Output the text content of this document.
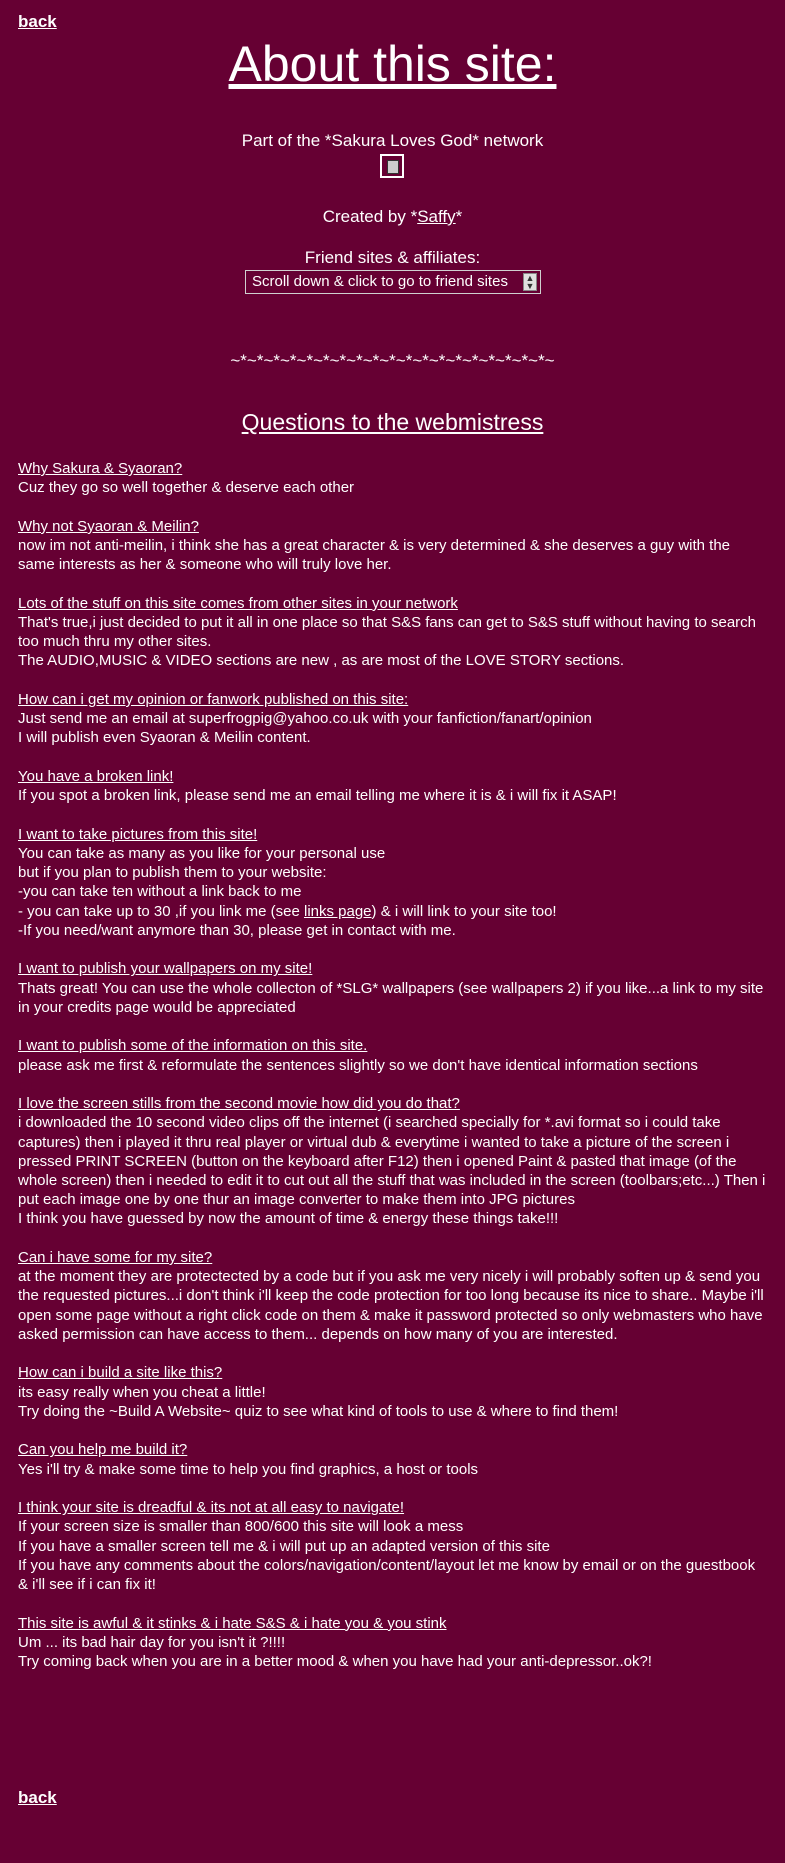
back
About this site:
Part of the *Sakura Loves God* network
Created by *Saffy*
Friend sites & affiliates:
Scroll down & click to go to friend sites ▲
▼
~*~*~*~*~*~*~*~*~*~*~*~*~*~*~*~*~*~*~*~
Questions to the webmistress
Why Sakura & Syaoran?
Cuz they go so well together & deserve each other
Why not Syaoran & Meilin?
now im not anti-meilin, i think she has a great character & is very determined & she deserves a guy with the same interests as her & someone who will truly love her.
Lots of the stuff on this site comes from other sites in your network
That's true,i just decided to put it all in one place so that S&S fans can get to S&S stuff without having to search too much thru my other sites.
The AUDIO,MUSIC & VIDEO sections are new , as are most of the LOVE STORY sections.
How can i get my opinion or fanwork published on this site:
Just send me an email at superfrogpig@yahoo.co.uk with your fanfiction/fanart/opinion
I will publish even Syaoran & Meilin content.
You have a broken link!
If you spot a broken link, please send me an email telling me where it is & i will fix it ASAP!
I want to take pictures from this site!
You can take as many as you like for your personal use
but if you plan to publish them to your website:
-you can take ten without a link back to me
- you can take up to 30 ,if you link me (see links page) & i will link to your site too!
-If you need/want anymore than 30, please get in contact with me.
I want to publish your wallpapers on my site!
Thats great! You can use the whole collecton of *SLG* wallpapers (see wallpapers 2) if you like...a link to my site in your credits page would be appreciated
I want to publish some of the information on this site.
please ask me first & reformulate the sentences slightly so we don't have identical information sections
I love the screen stills from the second movie how did you do that?
i downloaded the 10 second video clips off the internet (i searched specially for *.avi format so i could take captures) then i played it thru real player or virtual dub & everytime i wanted to take a picture of the screen i pressed PRINT SCREEN (button on the keyboard after F12) then i opened Paint & pasted that image (of the whole screen) then i needed to edit it to cut out all the stuff that was included in the screen (toolbars;etc...) Then i put each image one by one thur an image converter to make them into JPG pictures
I think you have guessed by now the amount of time & energy these things take!!!
Can i have some for my site?
at the moment they are protectected by a code but if you ask me very nicely i will probably soften up & send you the requested pictures...i don't think i'll keep the code protection for too long because its nice to share.. Maybe i'll open some page without a right click code on them & make it password protected so only webmasters who have asked permission can have access to them... depends on how many of you are interested.
How can i build a site like this?
its easy really when you cheat a little!
Try doing the ~Build A Website~ quiz to see what kind of tools to use & where to find them!
Can you help me build it?
Yes i'll try & make some time to help you find graphics, a host or tools
I think your site is dreadful & its not at all easy to navigate!
If your screen size is smaller than 800/600 this site will look a mess
If you have a smaller screen tell me & i will put up an adapted version of this site
If you have any comments about the colors/navigation/content/layout let me know by email or on the guestbook & i'll see if i can fix it!
This site is awful & it stinks & i hate S&S & i hate you & you stink
Um ... its bad hair day for you isn't it ?!!!!
Try coming back when you are in a better mood & when you have had your anti-depressor..ok?!
back
